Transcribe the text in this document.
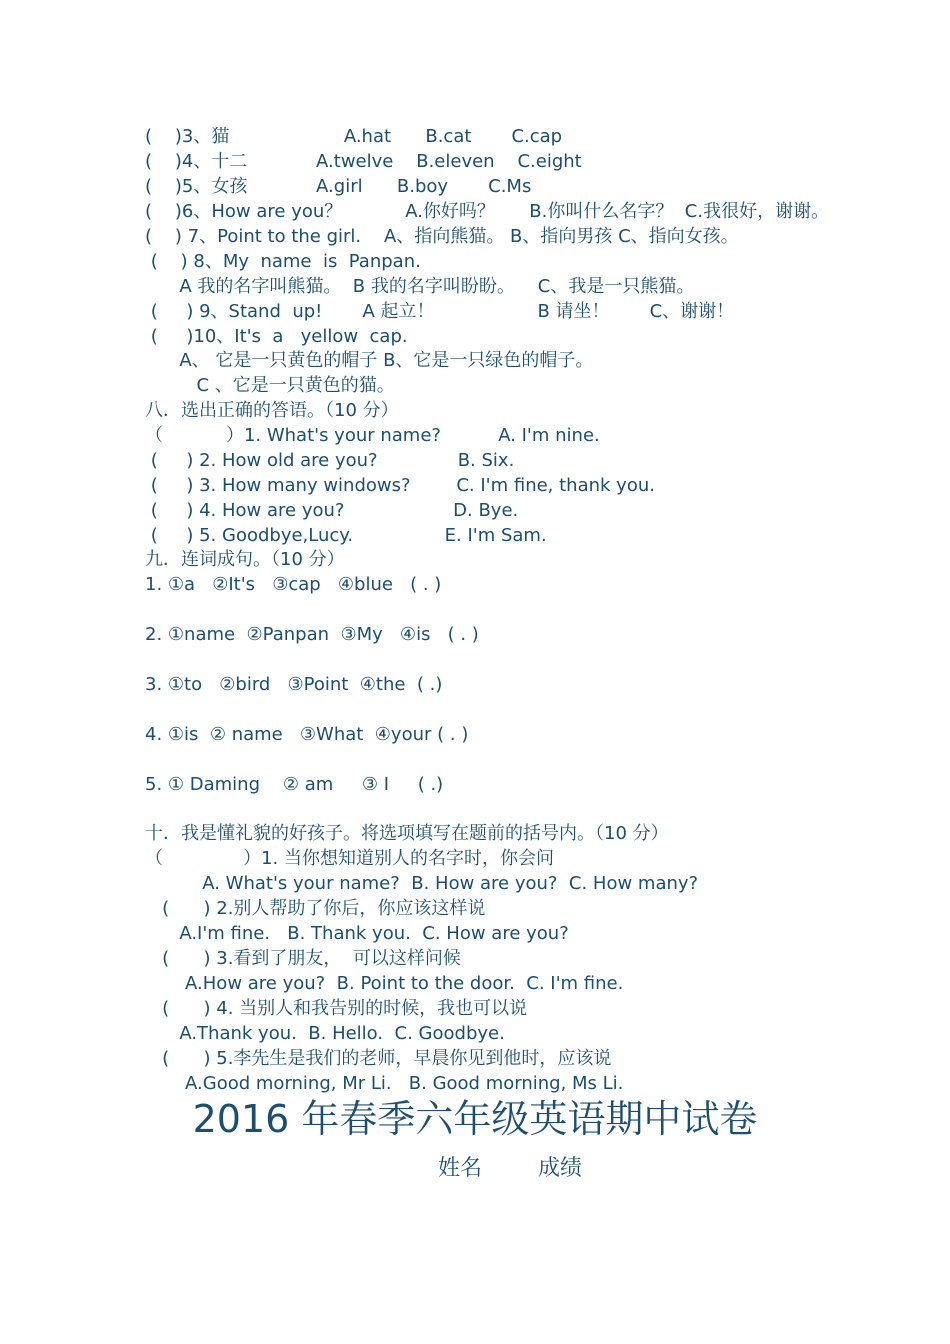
(    )3、猫                    A.hat      B.cat       C.cap
(    )4、十二            A.twelve    B.eleven    C.eight
(    )5、女孩            A.girl      B.boy       C.Ms
(    )6、How are you？           A.你好吗？      B.你叫什么名字？  C.我很好，谢谢。
(    ) 7、Point to the girl.    A、指向熊猫。 B、指向男孩 C、指向女孩。
(    ) 8、My  name  is  Panpan.
A 我的名字叫熊猫。  B 我的名字叫盼盼。    C、我是一只熊猫。
(     ) 9、Stand  up!       A 起立！                  B 请坐！       C、谢谢！
(     )10、It's  a   yellow  cap.
A、 它是一只黄色的帽子 B、它是一只绿色的帽子。
C 、它是一只黄色的猫。
八．选出正确的答语。（10 分）
（           ）1. What's your name?          A. I'm nine.
(     ) 2. How old are you?              B. Six.
(     ) 3. How many windows?        C. I'm fine, thank you.
(     ) 4. How are you?                   D. Bye.
(     ) 5. Goodbye,Lucy.                E. I'm Sam.
九．连词成句。（10 分）
1. ①a   ②It's   ③cap   ④blue   ( . )
2. ①name  ②Panpan  ③My   ④is   ( . )
3. ①to   ②bird   ③Point  ④the  ( .)
4. ①is  ② name   ③What  ④your ( . )
5. ① Daming    ② am     ③ I     ( .)
十．我是懂礼貌的好孩子。将选项填写在题前的括号内。（10 分）
（              ）1. 当你想知道别人的名字时，你会问
A. What's your name?  B. How are you?  C. How many?
(      ) 2.别人帮助了你后，你应该这样说
A.I'm fine.   B. Thank you.  C. How are you?
(      ) 3.看到了朋友，  可以这样问候
A.How are you?  B. Point to the door.  C. I'm fine.
(      ) 4. 当别人和我告别的时候，我也可以说
A.Thank you.  B. Hello.  C. Goodbye.
(      ) 5.李先生是我们的老师，早晨你见到他时，应该说
A.Good morning, Mr Li.   B. Good morning, Ms Li.
2016 年春季六年级英语期中试卷
姓名	成绩
